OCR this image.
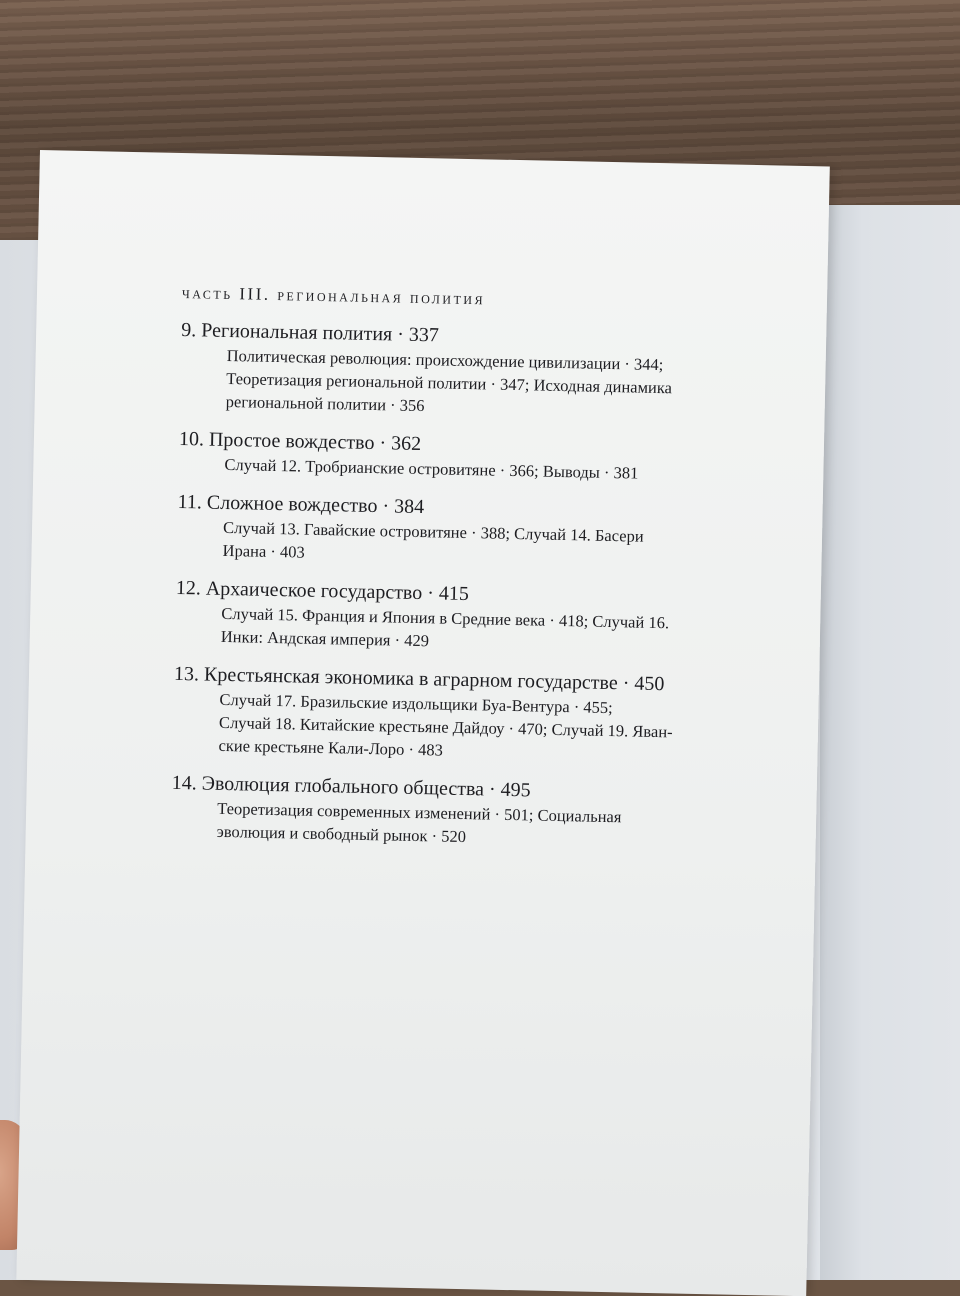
часть III. региональная полития
9. Региональная полития · 337
Политическая революция: происхождение цивилизации · 344;
Теоретизация региональной политии · 347; Исходная динамика
региональной политии · 356
10. Простое вождество · 362
Случай 12. Тробрианские островитяне · 366; Выводы · 381
11. Сложное вождество · 384
Случай 13. Гавайские островитяне · 388; Случай 14. Басери
Ирана · 403
12. Архаическое государство · 415
Случай 15. Франция и Япония в Средние века · 418; Случай 16.
Инки: Андская империя · 429
13. Крестьянская экономика в аграрном государстве · 450
Случай 17. Бразильские издольщики Буа-Вентура · 455;
Случай 18. Китайские крестьяне Дайдоу · 470; Случай 19. Яван-
ские крестьяне Кали-Лоро · 483
14. Эволюция глобального общества · 495
Теоретизация современных изменений · 501; Социальная
эволюция и свободный рынок · 520
